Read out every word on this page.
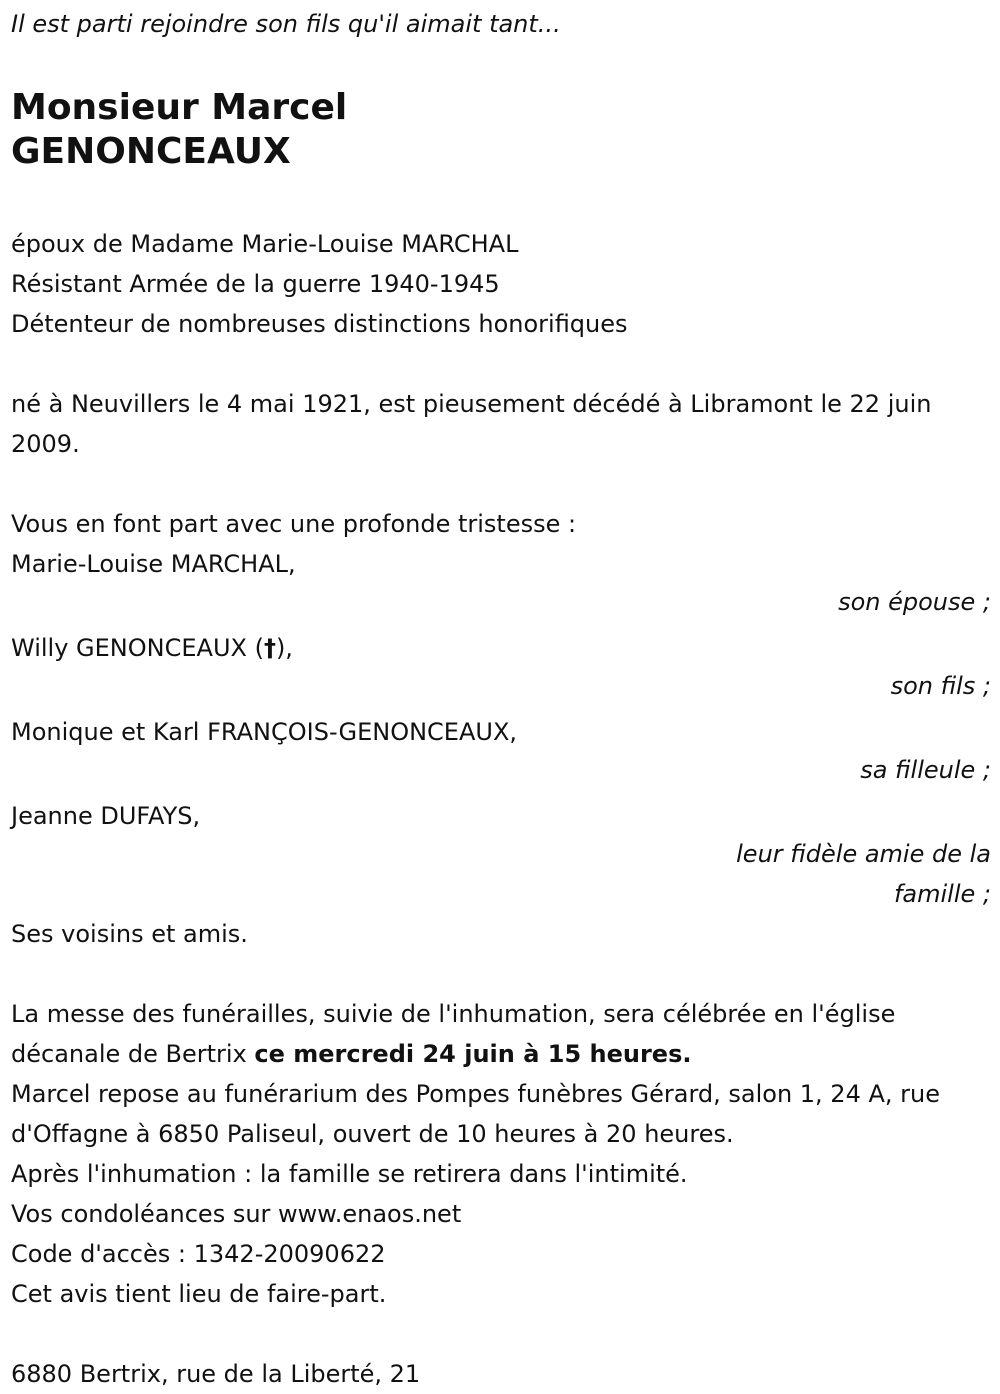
Il est parti rejoindre son fils qu'il aimait tant...

Monsieur Marcel
GENONCEAUX

époux de Madame Marie-Louise MARCHAL

Résistant Armée de la guerre 1940-1945

Détenteur de nombreuses distinctions honorifiques

né à Neuvillers le 4 mai 1921, est pieusement décédé à Libramont le 22 juin 2009.

Vous en font part avec une profonde tristesse :

Marie-Louise MARCHAL,

son épouse ;

Willy GENONCEAUX (†),

son fils ;

Monique et Karl FRANÇOIS-GENONCEAUX,

sa filleule ;

Jeanne DUFAYS,

leur fidèle amie de la famille ;

Ses voisins et amis.

La messe des funérailles, suivie de l'inhumation, sera célébrée en l'église décanale de Bertrix ce mercredi 24 juin à 15 heures.

Marcel repose au funérarium des Pompes funèbres Gérard, salon 1, 24 A, rue d'Offagne à 6850 Paliseul, ouvert de 10 heures à 20 heures.

Après l'inhumation : la famille se retirera dans l'intimité.

Vos condoléances sur www.enaos.net

Code d'accès : 1342-20090622

Cet avis tient lieu de faire-part.

6880 Bertrix, rue de la Liberté, 21
